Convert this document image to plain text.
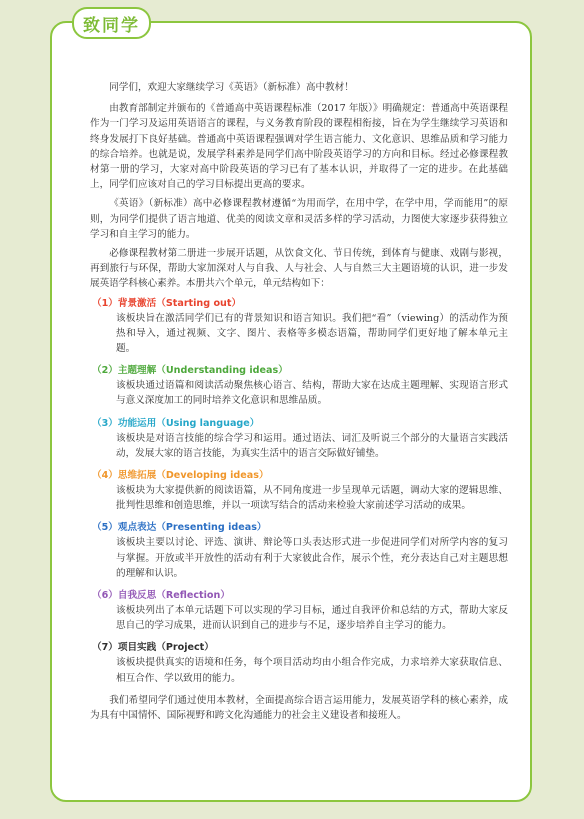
致同学

同学们，欢迎大家继续学习《英语》（新标准）高中教材！

由教育部制定并颁布的《普通高中英语课程标准（2017 年版）》明确规定：普通高中英语课程作为一门学习及运用英语语言的课程，与义务教育阶段的课程相衔接，旨在为学生继续学习英语和终身发展打下良好基础。普通高中英语课程强调对学生语言能力、文化意识、思维品质和学习能力的综合培养。也就是说，发展学科素养是同学们高中阶段英语学习的方向和目标。经过必修课程教材第一册的学习，大家对高中阶段英语的学习已有了基本认识，并取得了一定的进步。在此基础上，同学们应该对自己的学习目标提出更高的要求。

《英语》（新标准）高中必修课程教材遵循“为用而学，在用中学，在学中用，学而能用”的原则，为同学们提供了语言地道、优美的阅读文章和灵活多样的学习活动，力图使大家逐步获得独立学习和自主学习的能力。

必修课程教材第二册进一步展开话题，从饮食文化、节日传统，到体育与健康、戏剧与影视，再到旅行与环保，帮助大家加深对人与自我、人与社会、人与自然三大主题语境的认识，进一步发展英语学科核心素养。本册共六个单元，单元结构如下：

（1）背景激活（Starting out）

该板块旨在激活同学们已有的背景知识和语言知识。我们把“看”（viewing）的活动作为预热和导入，通过视频、文字、图片、表格等多模态语篇，帮助同学们更好地了解本单元主题。

（2）主题理解（Understanding ideas）

该板块通过语篇和阅读活动聚焦核心语言、结构，帮助大家在达成主题理解、实现语言形式与意义深度加工的同时培养文化意识和思维品质。

（3）功能运用（Using language）

该板块是对语言技能的综合学习和运用。通过语法、词汇及听说三个部分的大量语言实践活动，发展大家的语言技能，为真实生活中的语言交际做好铺垫。

（4）思维拓展（Developing ideas）

该板块为大家提供新的阅读语篇，从不同角度进一步呈现单元话题，调动大家的逻辑思维、批判性思维和创造思维，并以一项读写结合的活动来检验大家前述学习活动的成果。

（5）观点表达（Presenting ideas）

该板块主要以讨论、评选、演讲、辩论等口头表达形式进一步促进同学们对所学内容的复习与掌握。开放或半开放性的活动有利于大家彼此合作，展示个性，充分表达自己对主题思想的理解和认识。

（6）自我反思（Reflection）

该板块列出了本单元话题下可以实现的学习目标，通过自我评价和总结的方式，帮助大家反思自己的学习成果，进而认识到自己的进步与不足，逐步培养自主学习的能力。

（7）项目实践（Project）

该板块提供真实的语境和任务，每个项目活动均由小组合作完成，力求培养大家获取信息、相互合作、学以致用的能力。

我们希望同学们通过使用本教材，全面提高综合语言运用能力，发展英语学科的核心素养，成为具有中国情怀、国际视野和跨文化沟通能力的社会主义建设者和接班人。
